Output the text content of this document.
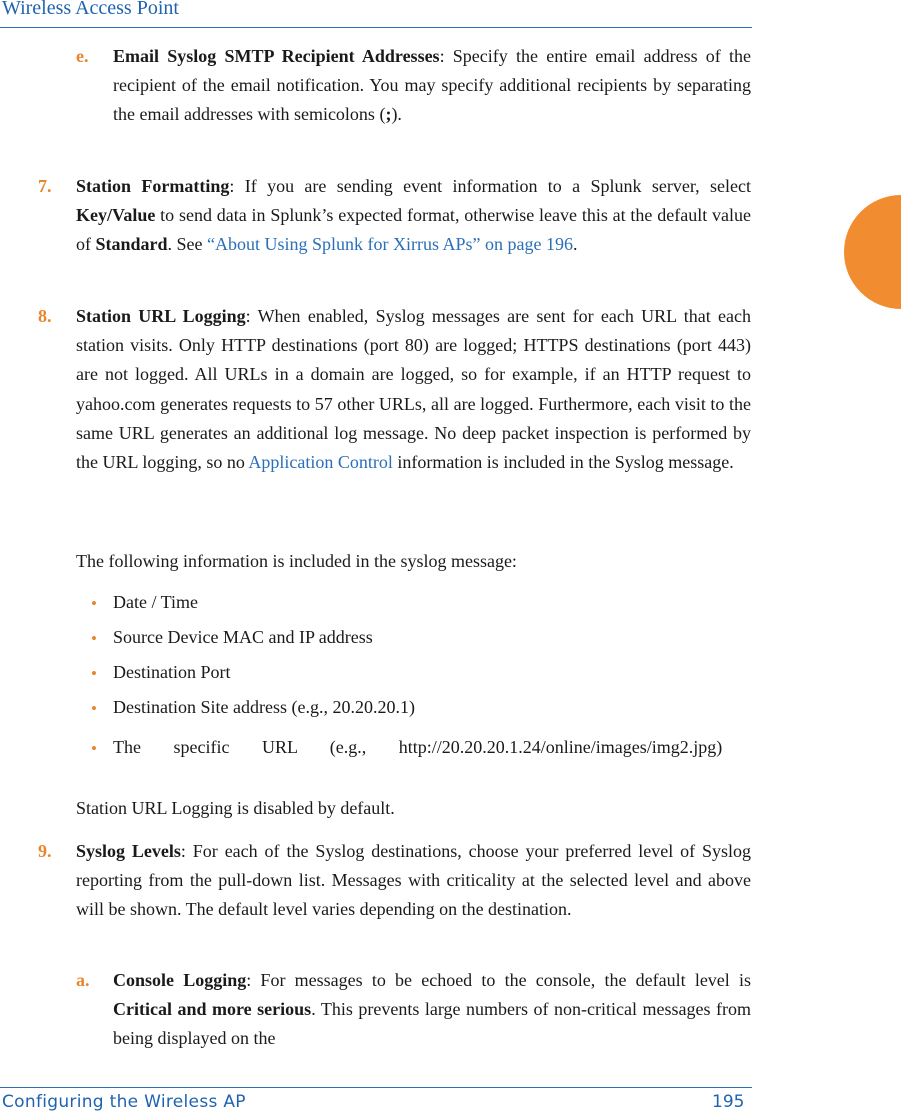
Wireless Access Point
e. Email Syslog SMTP Recipient Addresses: Specify the entire email address of the recipient of the email notification. You may specify additional recipients by separating the email addresses with semicolons (;).
7. Station Formatting: If you are sending event information to a Splunk server, select Key/Value to send data in Splunk’s expected format, otherwise leave this at the default value of Standard. See “About Using Splunk for Xirrus APs” on page 196.
8. Station URL Logging: When enabled, Syslog messages are sent for each URL that each station visits. Only HTTP destinations (port 80) are logged; HTTPS destinations (port 443) are not logged. All URLs in a domain are logged, so for example, if an HTTP request to yahoo.com generates requests to 57 other URLs, all are logged. Furthermore, each visit to the same URL generates an additional log message. No deep packet inspection is performed by the URL logging, so no Application Control information is included in the Syslog message.
The following information is included in the syslog message:
• Date / Time
• Source Device MAC and IP address
• Destination Port
• Destination Site address (e.g., 20.20.20.1)
• The specific URL (e.g., http://20.20.20.1.24/online/images/img2.jpg)
Station URL Logging is disabled by default.
9. Syslog Levels: For each of the Syslog destinations, choose your preferred level of Syslog reporting from the pull-down list. Messages with criticality at the selected level and above will be shown. The default level varies depending on the destination.
a. Console Logging: For messages to be echoed to the console, the default level is Critical and more serious. This prevents large numbers of non-critical messages from being displayed on the
Configuring the Wireless AP	195
